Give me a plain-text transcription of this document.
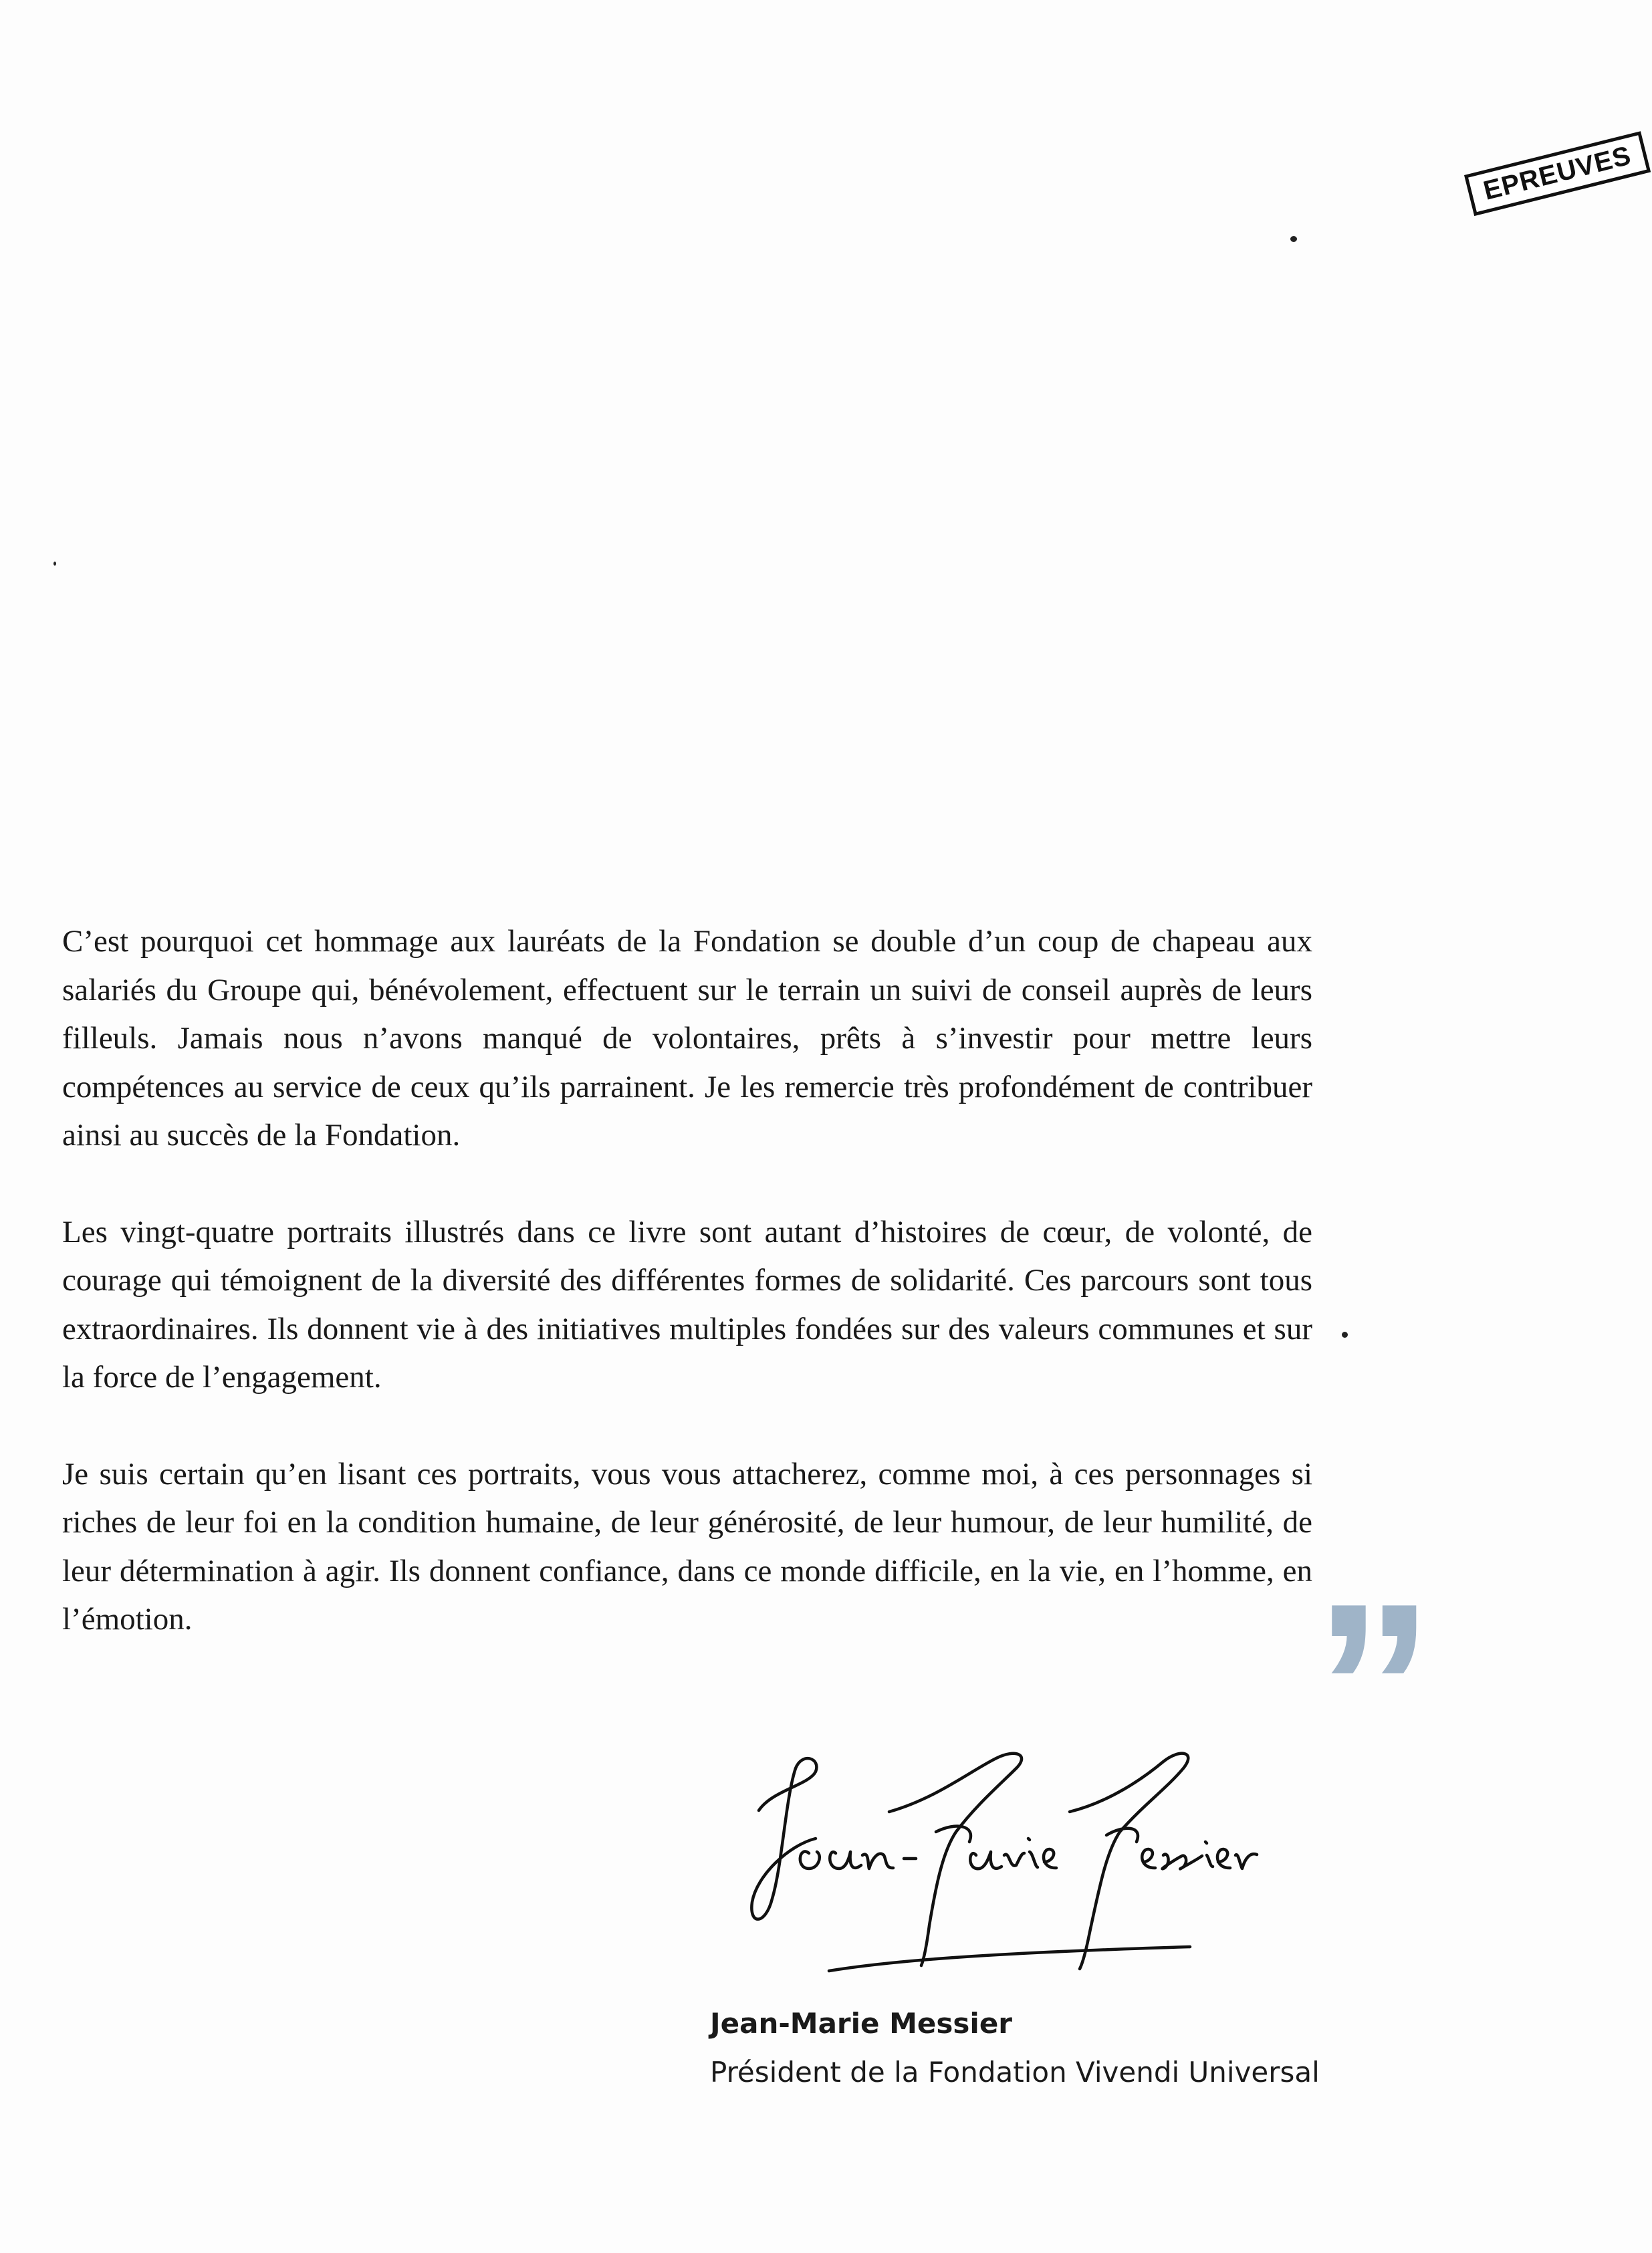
EPREUVES

C’est pourquoi cet hommage aux lauréats de la Fondation se double d’un coup de chapeau aux salariés du Groupe qui, bénévolement, effectuent sur le terrain un suivi de conseil auprès de leurs filleuls. Jamais nous n’avons manqué de volontaires, prêts à s’investir pour mettre leurs compétences au service de ceux qu’ils parrainent. Je les remercie très profondément de contribuer ainsi au succès de la Fondation.

Les vingt-quatre portraits illustrés dans ce livre sont autant d’histoires de cœur, de volonté, de courage qui témoignent de la diversité des différentes formes de solidarité. Ces parcours sont tous extraordinaires. Ils donnent vie à des initiatives multiples fondées sur des valeurs communes et sur la force de l’engagement.

Je suis certain qu’en lisant ces portraits, vous vous attacherez, comme moi, à ces personnages si riches de leur foi en la condition humaine, de leur générosité, de leur humour, de leur humilité, de leur détermination à agir. Ils donnent confiance, dans ce monde difficile, en la vie, en l’homme, en l’émotion.	”
Jean-Marie Messier
Président de la Fondation Vivendi Universal
